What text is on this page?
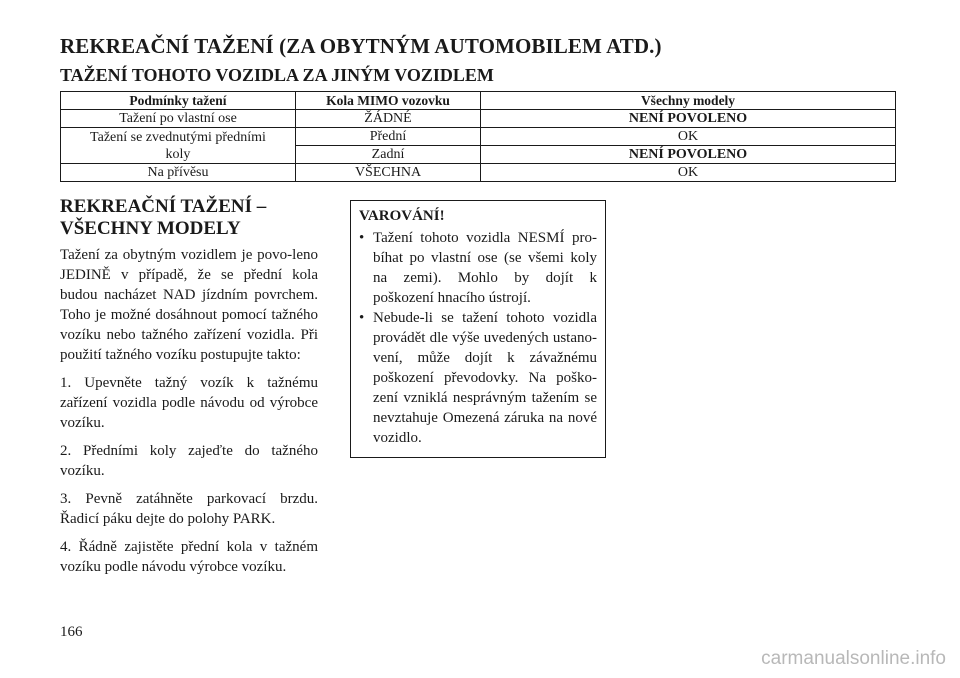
REKREAČNÍ TAŽENÍ (ZA OBYTNÝM AUTOMOBILEM ATD.)
TAŽENÍ TOHOTO VOZIDLA ZA JINÝM VOZIDLEM
Podmínky tažení	Kola MIMO vozovku	Všechny modely
Tažení po vlastní ose	ŽÁDNÉ	NENÍ POVOLENO
Tažení se zvednutými předními
koly	Přední	OK
	Zadní	NENÍ POVOLENO
Na přívěsu	VŠECHNA	OK
REKREAČNÍ TAŽENÍ –
VŠECHNY MODELY

Tažení za obytným vozidlem je povo-leno JEDINĚ v případě, že se přední kola budou nacházet NAD jízdním povrchem. Toho je možné dosáhnout pomocí tažného vozíku nebo tažného zařízení vozidla. Při použití tažného vozíku postupujte takto:

1. Upevněte tažný vozík k tažnému zařízení vozidla podle návodu od výrobce vozíku.

2. Předními koly zajeďte do tažného vozíku.

3. Pevně zatáhněte parkovací brzdu. Řadicí páku dejte do polohy PARK.

4. Řádně zajistěte přední kola v tažném vozíku podle návodu výrobce vozíku.

VAROVÁNÍ!
• Tažení tohoto vozidla NESMÍ pro-bíhat po vlastní ose (se všemi koly na zemi). Mohlo by dojít k poškození hnacího ústrojí.
• Nebude-li se tažení tohoto vozidla provádět dle výše uvedených ustano-vení, může dojít k závažnému poškození převodovky. Na poško-zení vzniklá nesprávným tažením se nevztahuje Omezená záruka na nové vozidlo.
166
carmanualsonline.info
